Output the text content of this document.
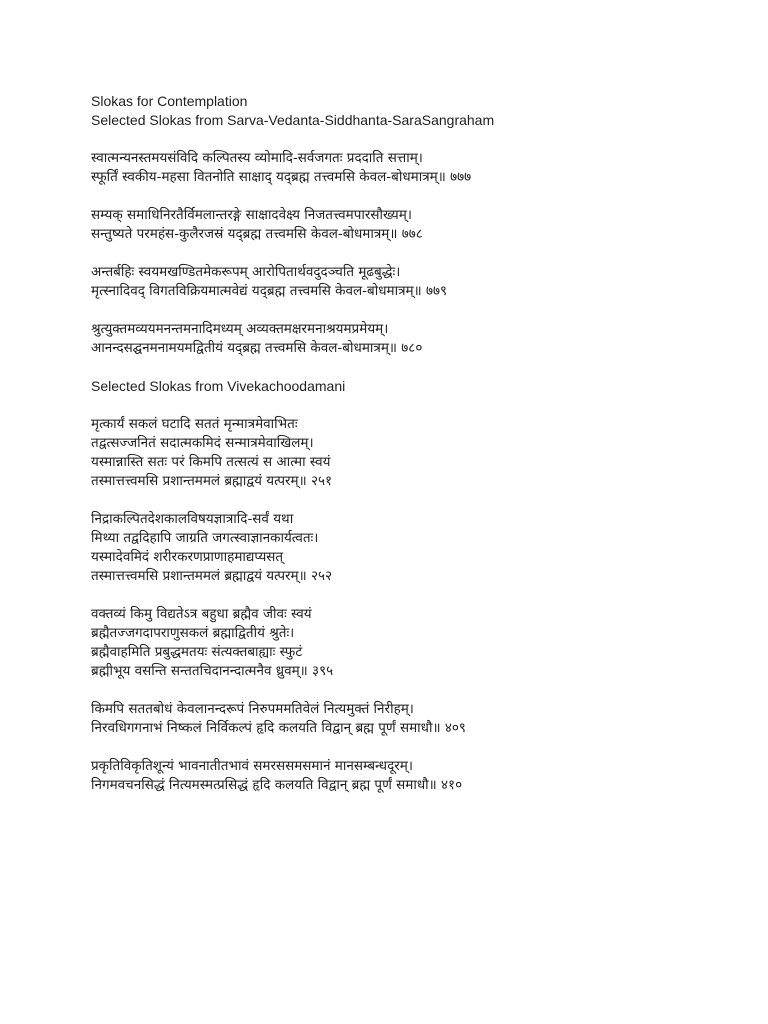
Slokas for Contemplation
Selected Slokas from Sarva-Vedanta-Siddhanta-SaraSangraham
स्वात्मन्यनस्तमयसंविदि कल्पितस्य व्योमादि-सर्वजगतः प्रददाति सत्ताम्।
स्फूर्तिं स्वकीय-महसा वितनोति साक्षाद् यद्ब्रह्म तत्त्वमसि केवल-बोधमात्रम्॥ ७७७
सम्यक् समाधिनिरतैर्विमलान्तरङ्गे साक्षादवेक्ष्य निजतत्त्वमपारसौख्यम्।
सन्तुष्यते परमहंस-कुलैरजस्रं यद्ब्रह्म तत्त्वमसि केवल-बोधमात्रम्॥ ७७८
अन्तर्बहिः स्वयमखण्डितमेकरूपम् आरोपितार्थवदुदञ्चति मूढबुद्धेः।
मृत्स्नादिवद् विगतविक्रियमात्मवेद्यं यद्ब्रह्म तत्त्वमसि केवल-बोधमात्रम्॥ ७७९
श्रुत्युक्तमव्ययमनन्तमनादिमध्यम् अव्यक्तमक्षरमनाश्रयमप्रमेयम्।
आनन्दसद्घनमनामयमद्वितीयं यद्ब्रह्म तत्त्वमसि केवल-बोधमात्रम्॥ ७८०
Selected Slokas from Vivekachoodamani
मृत्कार्यं सकलं घटादि सततं मृन्मात्रमेवाभितः
तद्वत्सज्जनितं सदात्मकमिदं सन्मात्रमेवाखिलम्।
यस्मान्नास्ति सतः परं किमपि तत्सत्यं स आत्मा स्वयं
तस्मात्तत्त्वमसि प्रशान्तममलं ब्रह्माद्वयं यत्परम्॥ २५१
निद्राकल्पितदेशकालविषयज्ञात्रादि-सर्वं यथा
मिथ्या तद्वदिहापि जाग्रति जगत्स्वाज्ञानकार्यत्वतः।
यस्मादेवमिदं शरीरकरणप्राणाहमाद्यप्यसत्
तस्मात्तत्त्वमसि प्रशान्तममलं ब्रह्माद्वयं यत्परम्॥ २५२
वक्तव्यं किमु विद्यतेऽत्र बहुधा ब्रह्मैव जीवः स्वयं
ब्रह्मैतज्जगदापराणुसकलं ब्रह्माद्वितीयं श्रुतेः।
ब्रह्मैवाहमिति प्रबुद्धमतयः संत्यक्तबाह्याः स्फुटं
ब्रह्मीभूय वसन्ति सन्ततचिदानन्दात्मनैव ध्रुवम्॥ ३९५
किमपि सततबोधं केवलानन्दरूपं निरुपममतिवेलं नित्यमुक्तं निरीहम्।
निरवधिगगनाभं निष्कलं निर्विकल्पं हृदि कलयति विद्वान् ब्रह्म पूर्णं समाधौ॥ ४०९
प्रकृतिविकृतिशून्यं भावनातीतभावं समरससमसमानं मानसम्बन्धदूरम्।
निगमवचनसिद्धं नित्यमस्मत्प्रसिद्धं हृदि कलयति विद्वान् ब्रह्म पूर्णं समाधौ॥ ४१०
